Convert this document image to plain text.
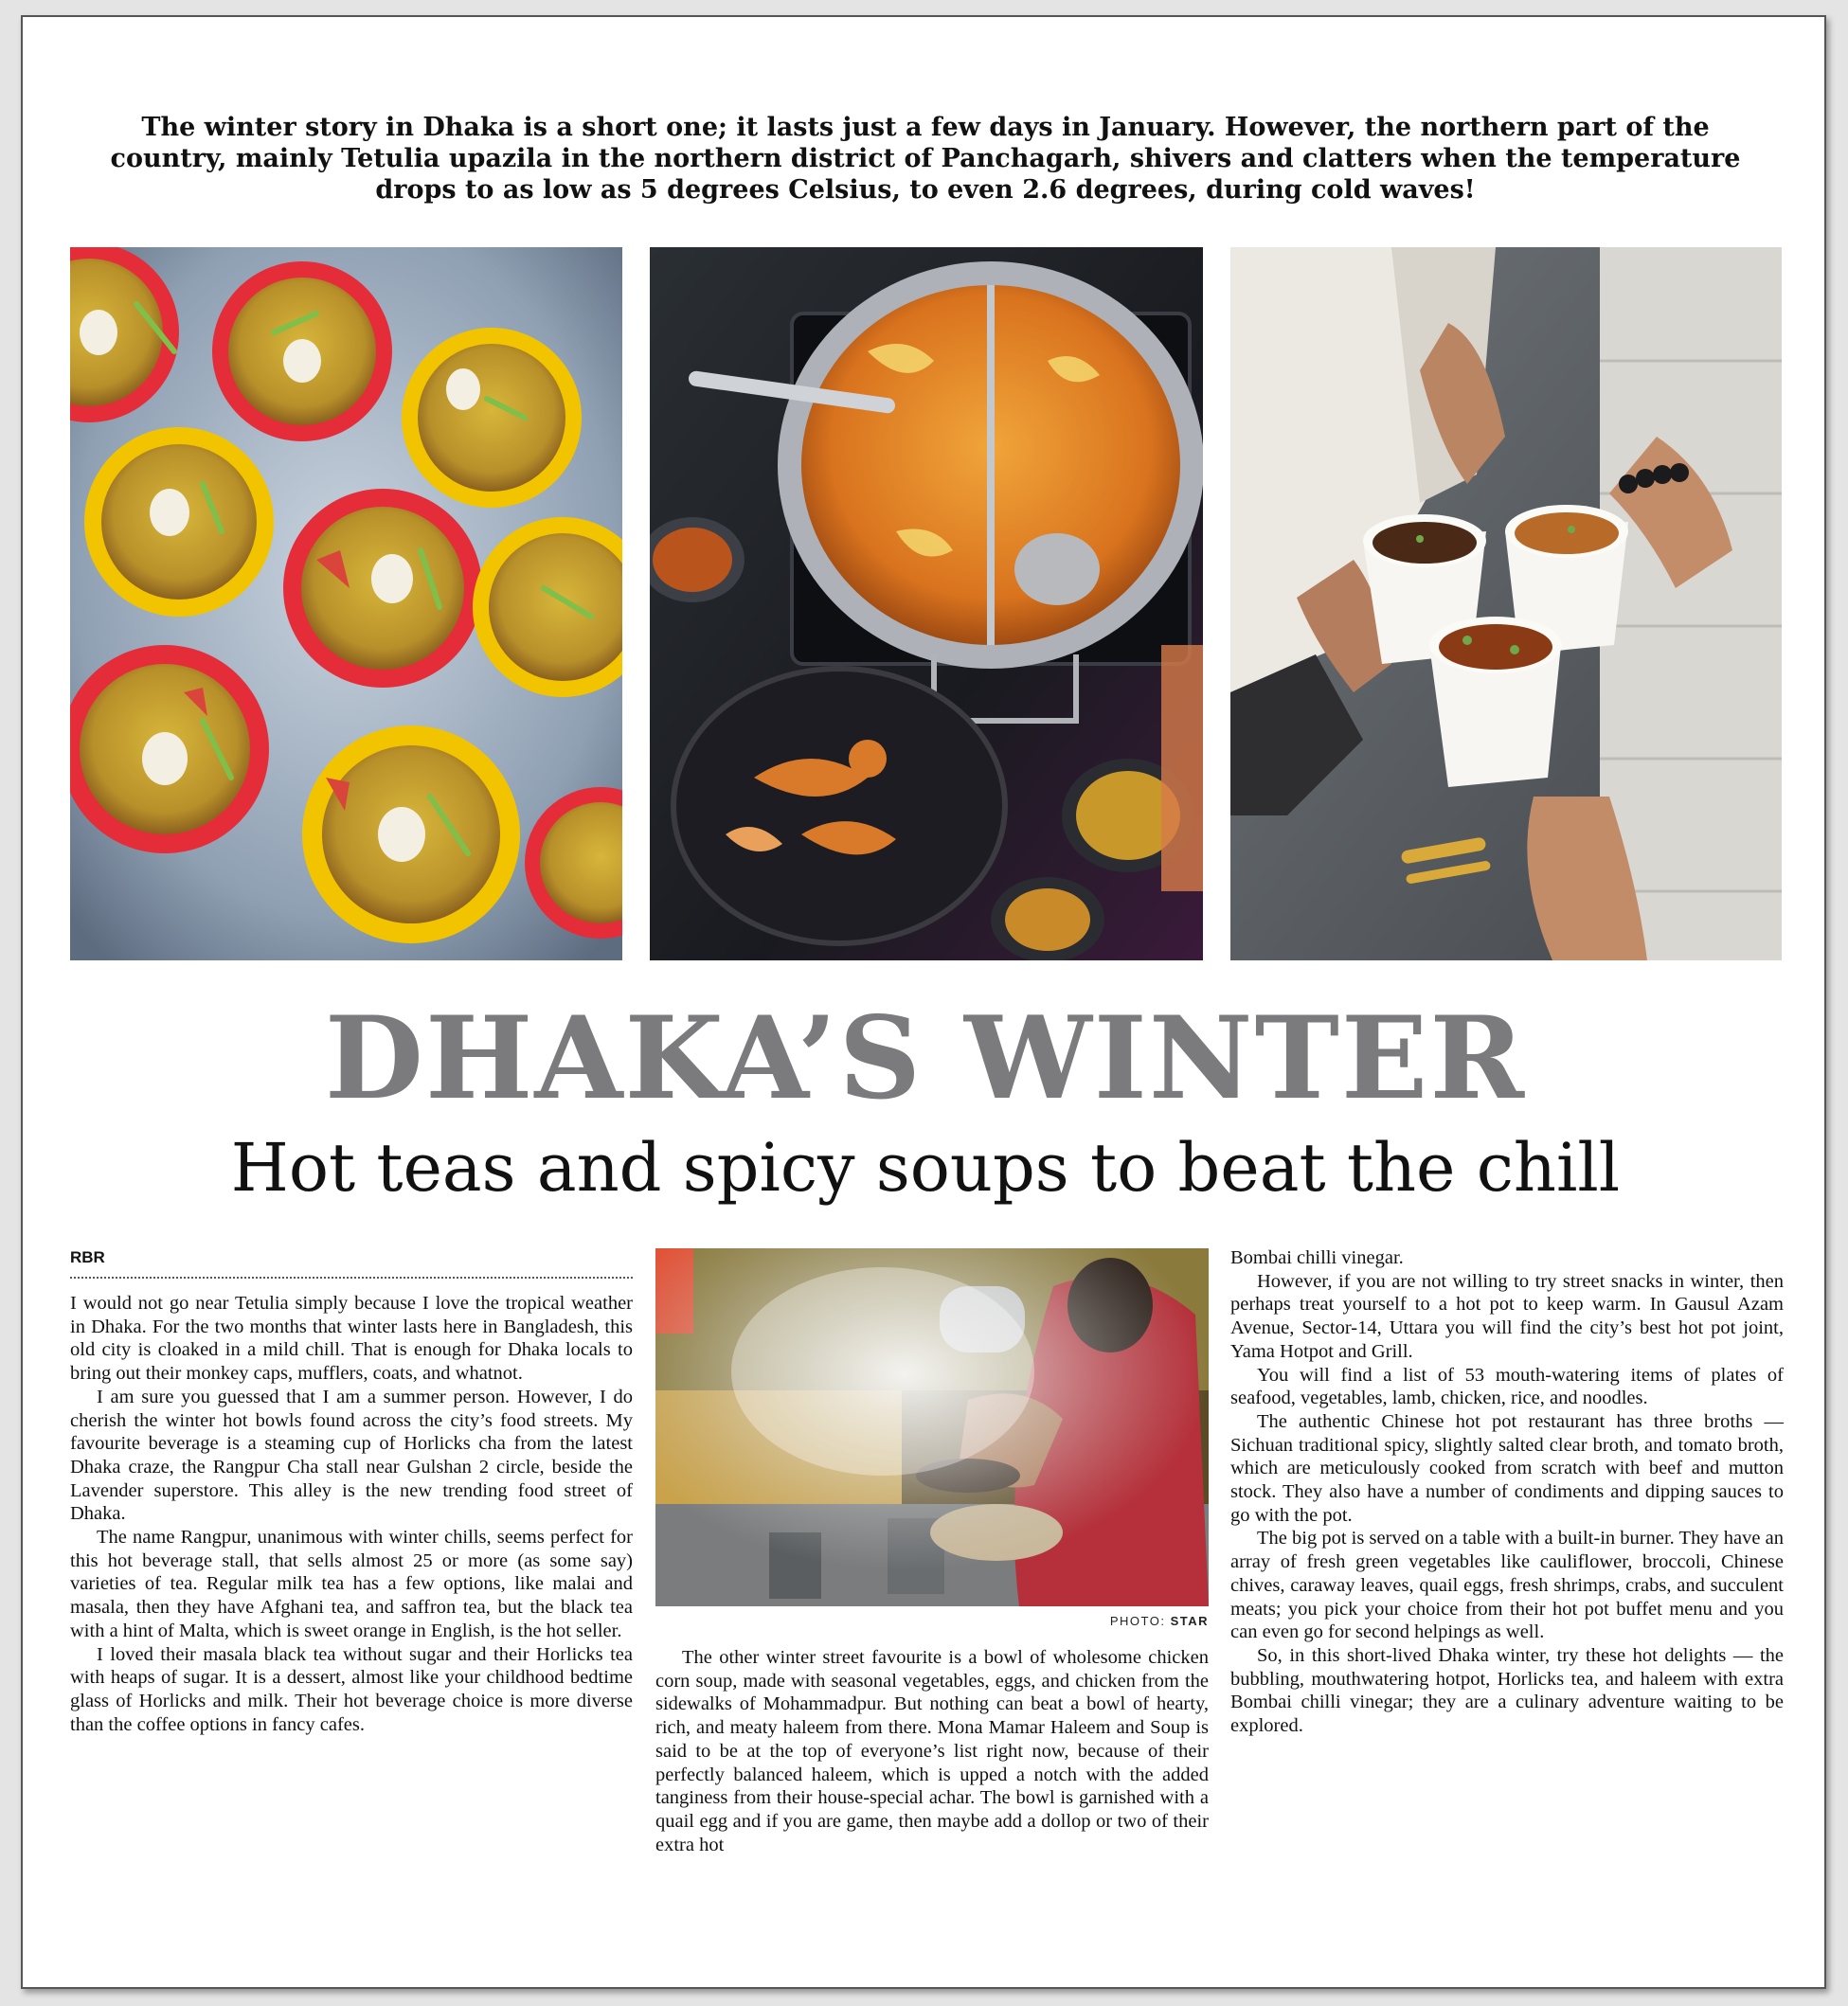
The winter story in Dhaka is a short one; it lasts just a few days in January. However, the northern part of the country, mainly Tetulia upazila in the northern district of Panchagarh, shivers and clatters when the temperature drops to as low as 5 degrees Celsius, to even 2.6 degrees, during cold waves!
DHAKA’S WINTER
Hot teas and spicy soups to beat the chill
RBR

I would not go near Tetulia simply because I love the tropical weather in Dhaka. For the two months that winter lasts here in Bangladesh, this old city is cloaked in a mild chill. That is enough for Dhaka locals to bring out their monkey caps, mufflers, coats, and whatnot.

I am sure you guessed that I am a summer person. However, I do cherish the winter hot bowls found across the city’s food streets. My favourite beverage is a steaming cup of Horlicks cha from the latest Dhaka craze, the Rangpur Cha stall near Gulshan 2 circle, beside the Lavender superstore. This alley is the new trending food street of Dhaka.

The name Rangpur, unanimous with winter chills, seems perfect for this hot beverage stall, that sells almost 25 or more (as some say) varieties of tea. Regular milk tea has a few options, like malai and masala, then they have Afghani tea, and saffron tea, but the black tea with a hint of Malta, which is sweet orange in English, is the hot seller.

I loved their masala black tea without sugar and their Horlicks tea with heaps of sugar. It is a dessert, almost like your childhood bedtime glass of Horlicks and milk. Their hot beverage choice is more diverse than the coffee options in fancy cafes.

PHOTO: STAR

The other winter street favourite is a bowl of wholesome chicken corn soup, made with seasonal vegetables, eggs, and chicken from the sidewalks of Mohammadpur. But nothing can beat a bowl of hearty, rich, and meaty haleem from there. Mona Mamar Haleem and Soup is said to be at the top of everyone’s list right now, because of their perfectly balanced haleem, which is upped a notch with the added tanginess from their house-special achar. The bowl is garnished with a quail egg and if you are game, then maybe add a dollop or two of their extra hot

Bombai chilli vinegar.

However, if you are not willing to try street snacks in winter, then perhaps treat yourself to a hot pot to keep warm. In Gausul Azam Avenue, Sector-14, Uttara you will find the city’s best hot pot joint, Yama Hotpot and Grill.

You will find a list of 53 mouth-watering items of plates of seafood, vegetables, lamb, chicken, rice, and noodles.

The authentic Chinese hot pot restaurant has three broths — Sichuan traditional spicy, slightly salted clear broth, and tomato broth, which are meticulously cooked from scratch with beef and mutton stock. They also have a number of condiments and dipping sauces to go with the pot.

The big pot is served on a table with a built-in burner. They have an array of fresh green vegetables like cauliflower, broccoli, Chinese chives, caraway leaves, quail eggs, fresh shrimps, crabs, and succulent meats; you pick your choice from their hot pot buffet menu and you can even go for second helpings as well.

So, in this short-lived Dhaka winter, try these hot delights — the bubbling, mouthwatering hotpot, Horlicks tea, and haleem with extra Bombai chilli vinegar; they are a culinary adventure waiting to be explored.
